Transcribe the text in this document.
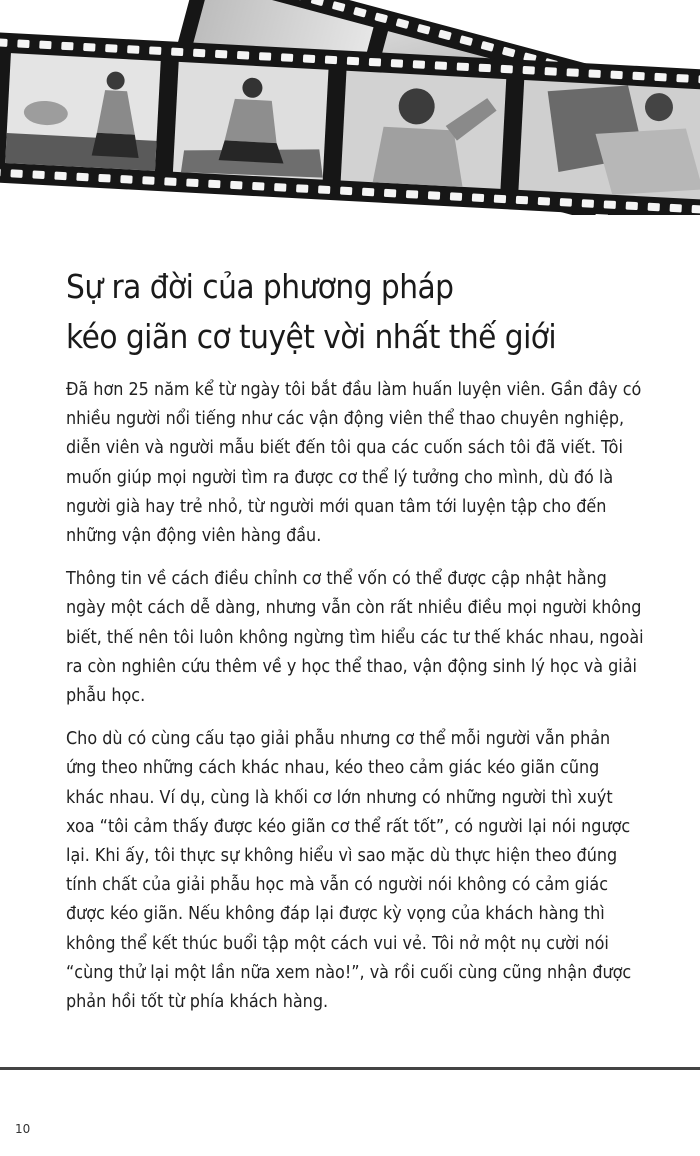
Sự ra đời của phương pháp
kéo giãn cơ tuyệt vời nhất thế giới

Đã hơn 25 năm kể từ ngày tôi bắt đầu làm huấn luyện viên. Gần đây có
nhiều người nổi tiếng như các vận động viên thể thao chuyên nghiệp,
diễn viên và người mẫu biết đến tôi qua các cuốn sách tôi đã viết. Tôi
muốn giúp mọi người tìm ra được cơ thể lý tưởng cho mình, dù đó là
người già hay trẻ nhỏ, từ người mới quan tâm tới luyện tập cho đến
những vận động viên hàng đầu.

Thông tin về cách điều chỉnh cơ thể vốn có thể được cập nhật hằng
ngày một cách dễ dàng, nhưng vẫn còn rất nhiều điều mọi người không
biết, thế nên tôi luôn không ngừng tìm hiểu các tư thế khác nhau, ngoài
ra còn nghiên cứu thêm về y học thể thao, vận động sinh lý học và giải
phẫu học.

Cho dù có cùng cấu tạo giải phẫu nhưng cơ thể mỗi người vẫn phản
ứng theo những cách khác nhau, kéo theo cảm giác kéo giãn cũng
khác nhau. Ví dụ, cùng là khối cơ lớn nhưng có những người thì xuýt
xoa “tôi cảm thấy được kéo giãn cơ thể rất tốt”, có người lại nói ngược
lại. Khi ấy, tôi thực sự không hiểu vì sao mặc dù thực hiện theo đúng
tính chất của giải phẫu học mà vẫn có người nói không có cảm giác
được kéo giãn. Nếu không đáp lại được kỳ vọng của khách hàng thì
không thể kết thúc buổi tập một cách vui vẻ. Tôi nở một nụ cười nói
“cùng thử lại một lần nữa xem nào!”, và rồi cuối cùng cũng nhận được
phản hồi tốt từ phía khách hàng.

10
